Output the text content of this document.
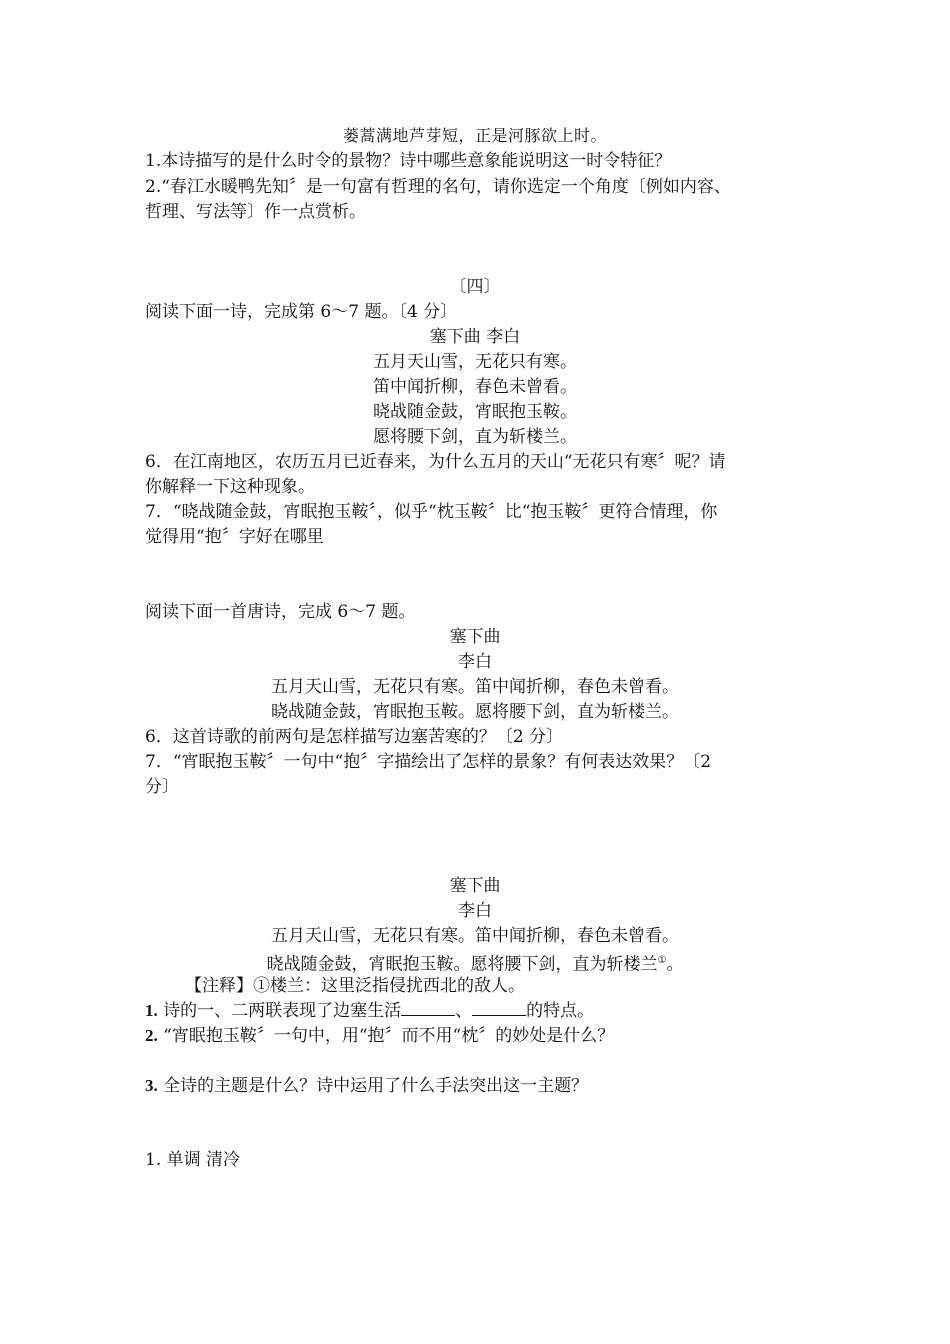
蒌蒿满地芦芽短，正是河豚欲上时。
1.本诗描写的是什么时令的景物？诗中哪些意象能说明这一时令特征？
2.“春江水暖鸭先知〞是一句富有哲理的名句，请你选定一个角度〔例如内容、
哲理、写法等〕作一点赏析。
〔四〕
阅读下面一诗，完成第 6～7 题。〔4 分〕
塞下曲 李白
五月天山雪，无花只有寒。
笛中闻折柳，春色未曾看。
晓战随金鼓，宵眠抱玉鞍。
愿将腰下剑，直为斩楼兰。
6．在江南地区，农历五月已近春来，为什么五月的天山“无花只有寒〞呢？请
你解释一下这种现象。
7．“晓战随金鼓，宵眠抱玉鞍〞，似乎“枕玉鞍〞比“抱玉鞍〞更符合情理，你
觉得用“抱〞字好在哪里
阅读下面一首唐诗，完成 6～7 题。
塞下曲
李白
五月天山雪，无花只有寒。笛中闻折柳，春色未曾看。
晓战随金鼓，宵眠抱玉鞍。愿将腰下剑，直为斩楼兰。
6．这首诗歌的前两句是怎样描写边塞苦寒的？〔2 分〕
7．“宵眠抱玉鞍〞一句中“抱〞字描绘出了怎样的景象？有何表达效果？〔2
分〕
塞下曲
李白
五月天山雪，无花只有寒。笛中闻折柳，春色未曾看。
晓战随金鼓，宵眠抱玉鞍。愿将腰下剑，直为斩楼兰①。
【注释】①楼兰：这里泛指侵扰西北的敌人。
1. 诗的一、二两联表现了边塞生活	、	的特点。
2. “宵眠抱玉鞍〞一句中，用“抱〞而不用“枕〞的妙处是什么？
3. 全诗的主题是什么？诗中运用了什么手法突出这一主题？
1. 单调 清冷
